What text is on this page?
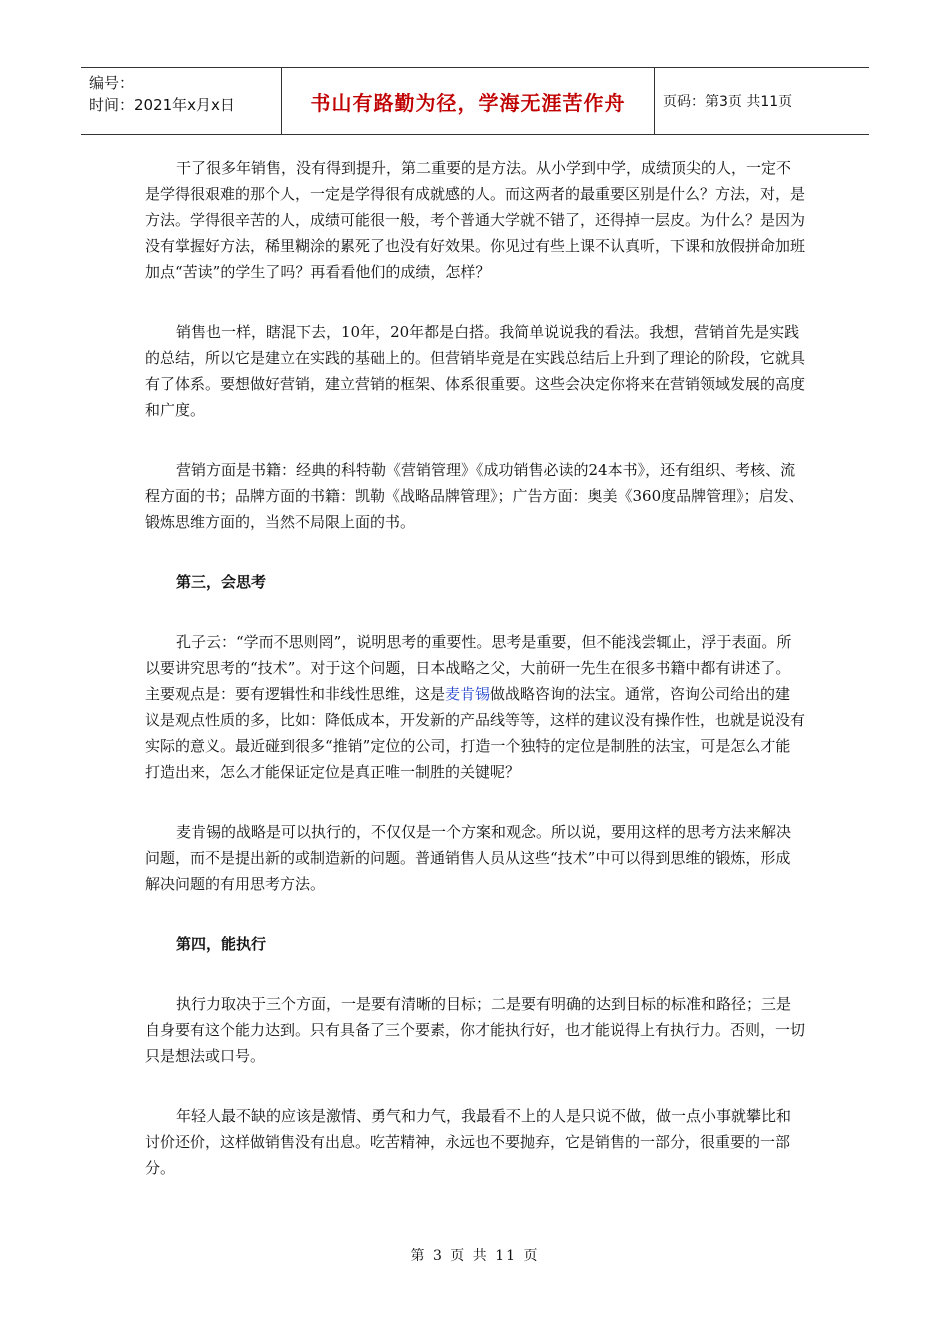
编号：
时间：2021年x月x日	书山有路勤为径，学海无涯苦作舟	页码：第3页 共11页

干了很多年销售，没有得到提升，第二重要的是方法。从小学到中学，成绩顶尖的人，一定不是学得很艰难的那个人，一定是学得很有成就感的人。而这两者的最重要区别是什么？方法，对，是方法。学得很辛苦的人，成绩可能很一般，考个普通大学就不错了，还得掉一层皮。为什么？是因为没有掌握好方法，稀里糊涂的累死了也没有好效果。你见过有些上课不认真听，下课和放假拼命加班加点“苦读”的学生了吗？再看看他们的成绩，怎样？

销售也一样，瞎混下去，10年，20年都是白搭。我简单说说我的看法。我想，营销首先是实践的总结，所以它是建立在实践的基础上的。但营销毕竟是在实践总结后上升到了理论的阶段，它就具有了体系。要想做好营销，建立营销的框架、体系很重要。这些会决定你将来在营销领域发展的高度和广度。

营销方面是书籍：经典的科特勒《营销管理》《成功销售必读的24本书》，还有组织、考核、流程方面的书；品牌方面的书籍：凯勒《战略品牌管理》；广告方面：奥美《360度品牌管理》；启发、锻炼思维方面的，当然不局限上面的书。

第三，会思考

孔子云：“学而不思则罔”，说明思考的重要性。思考是重要，但不能浅尝辄止，浮于表面。所以要讲究思考的“技术”。对于这个问题，日本战略之父，大前研一先生在很多书籍中都有讲述了。主要观点是：要有逻辑性和非线性思维，这是麦肯锡做战略咨询的法宝。通常，咨询公司给出的建议是观点性质的多，比如：降低成本，开发新的产品线等等，这样的建议没有操作性，也就是说没有实际的意义。最近碰到很多“推销”定位的公司，打造一个独特的定位是制胜的法宝，可是怎么才能打造出来，怎么才能保证定位是真正唯一制胜的关键呢？

麦肯锡的战略是可以执行的，不仅仅是一个方案和观念。所以说，要用这样的思考方法来解决问题，而不是提出新的或制造新的问题。普通销售人员从这些“技术”中可以得到思维的锻炼，形成解决问题的有用思考方法。

第四，能执行

执行力取决于三个方面，一是要有清晰的目标；二是要有明确的达到目标的标准和路径；三是自身要有这个能力达到。只有具备了三个要素，你才能执行好，也才能说得上有执行力。否则，一切只是想法或口号。

年轻人最不缺的应该是激情、勇气和力气，我最看不上的人是只说不做，做一点小事就攀比和讨价还价，这样做销售没有出息。吃苦精神，永远也不要抛弃，它是销售的一部分，很重要的一部分。

第 3 页 共 11 页
